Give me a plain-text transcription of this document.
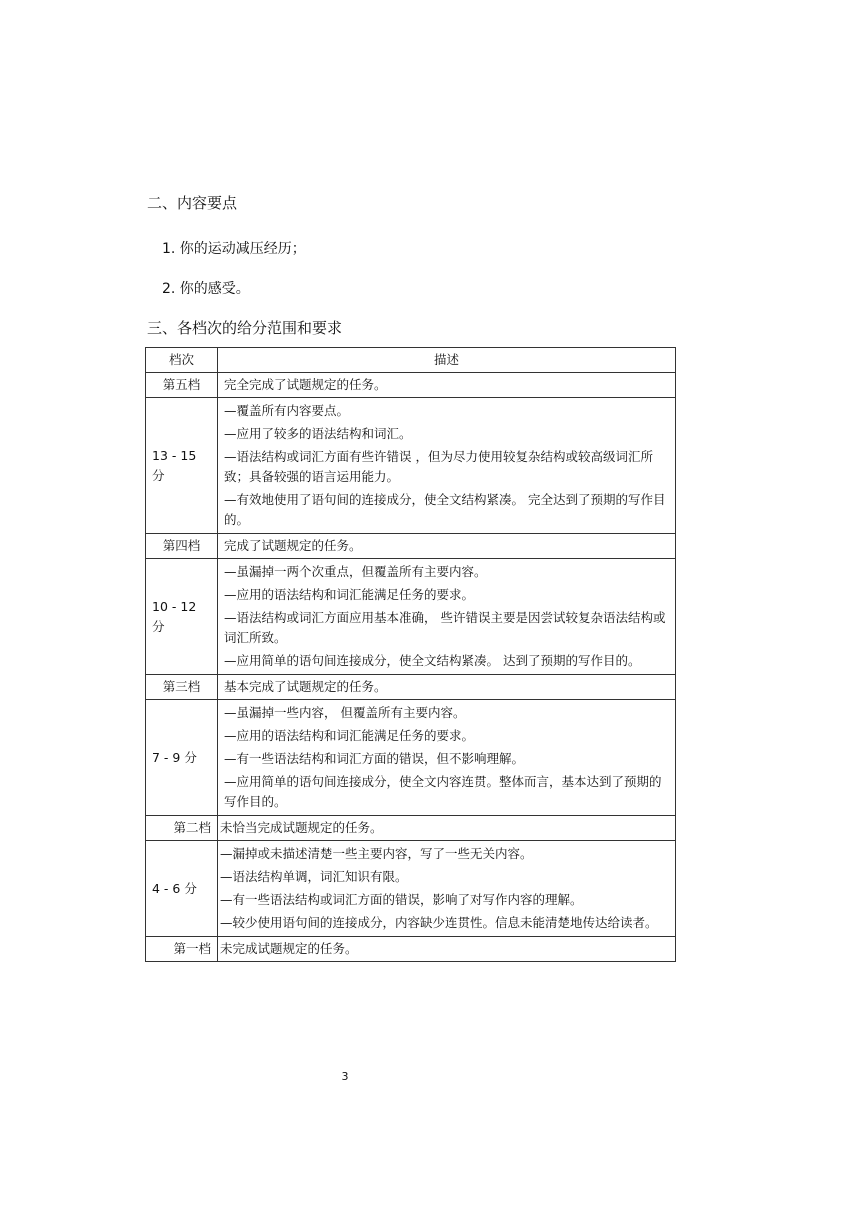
二、内容要点

1. 你的运动减压经历；

2. 你的感受。

三、各档次的给分范围和要求

档次	描述
第五档	完全完成了试题规定的任务。
13 - 15 分	—覆盖所有内容要点。
—应用了较多的语法结构和词汇。
—语法结构或词汇方面有些许错误 ，但为尽力使用较复杂结构或较高级词汇所 致；具备较强的语言运用能力。
—有效地使用了语句间的连接成分，使全文结构紧凑。 完全达到了预期的写作目的。

第四档	完成了试题规定的任务。
10 - 12 分	—虽漏掉一两个次重点，但覆盖所有主要内容。
—应用的语法结构和词汇能满足任务的要求。
—语法结构或词汇方面应用基本准确， 些许错误主要是因尝试较复杂语法结构或 词汇所致。
—应用简单的语句间连接成分，使全文结构紧凑。 达到了预期的写作目的。

第三档	基本完成了试题规定的任务。
7 - 9 分	—虽漏掉一些内容， 但覆盖所有主要内容。
—应用的语法结构和词汇能满足任务的要求。
—有一些语法结构和词汇方面的错误，但不影响理解。
—应用简单的语句间连接成分，使全文内容连贯。整体而言，基本达到了预期的写作目的。

第二档	未恰当完成试题规定的任务。
4 - 6 分	—漏掉或未描述清楚一些主要内容，写了一些无关内容。
—语法结构单调，词汇知识有限。
—有一些语法结构或词汇方面的错误，影响了对写作内容的理解。
—较少使用语句间的连接成分，内容缺少连贯性。信息未能清楚地传达给读者。

第一档	未完成试题规定的任务。
3
